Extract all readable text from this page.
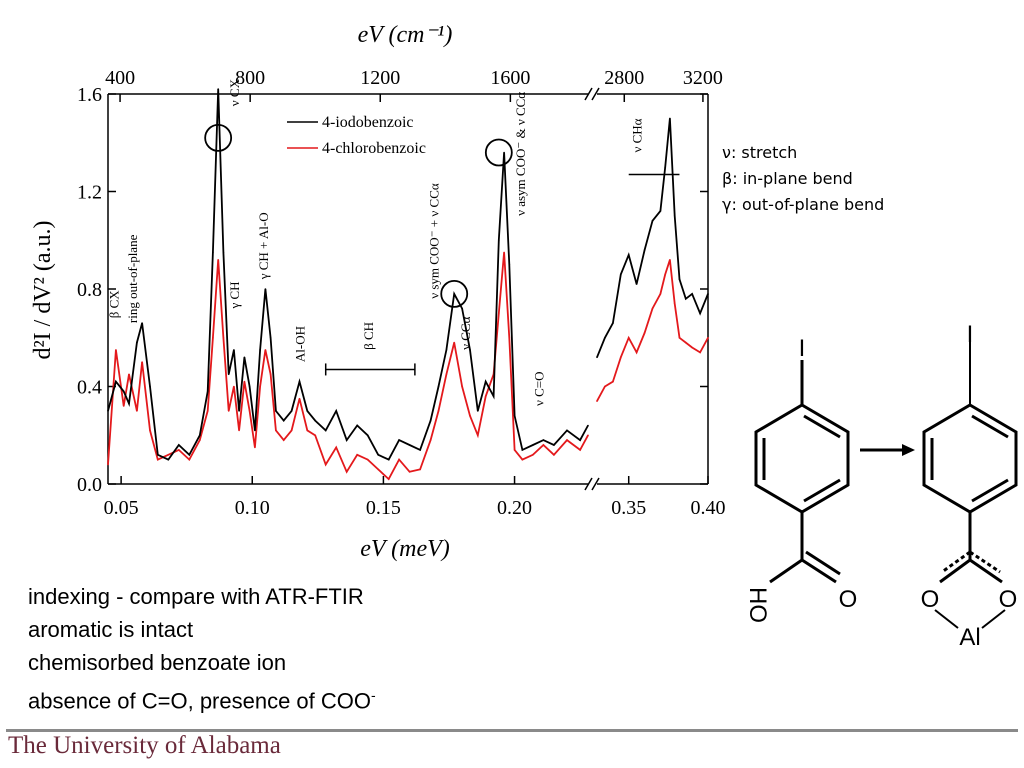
eV (cm⁻¹)
eV (meV)
d²I / dV² (a.u.)
0.0
0.4
0.8
1.2
1.6
0.05	0.10	0.15	0.20
400	800	1200	1600
0.35 0.40
2800 3200
β CX ring out-of-plane
ν CX
γ CH
γ CH + Al-O
Al-OH	β CH
ν sym COO⁻ + ν CCα
ν CCα
ν asym COO⁻ & ν CCα
ν C=O
ν CHα
4-iodobenzoic
4-chlorobenzoic	ν: stretch
β: in-plane bend
γ: out-of-plane bend
I
HO	O
I
O O
Al
indexing - compare with ATR-FTIR
aromatic is intact
chemisorbed benzoate ion
absence of C=O, presence of COO-
The University of Alabama
